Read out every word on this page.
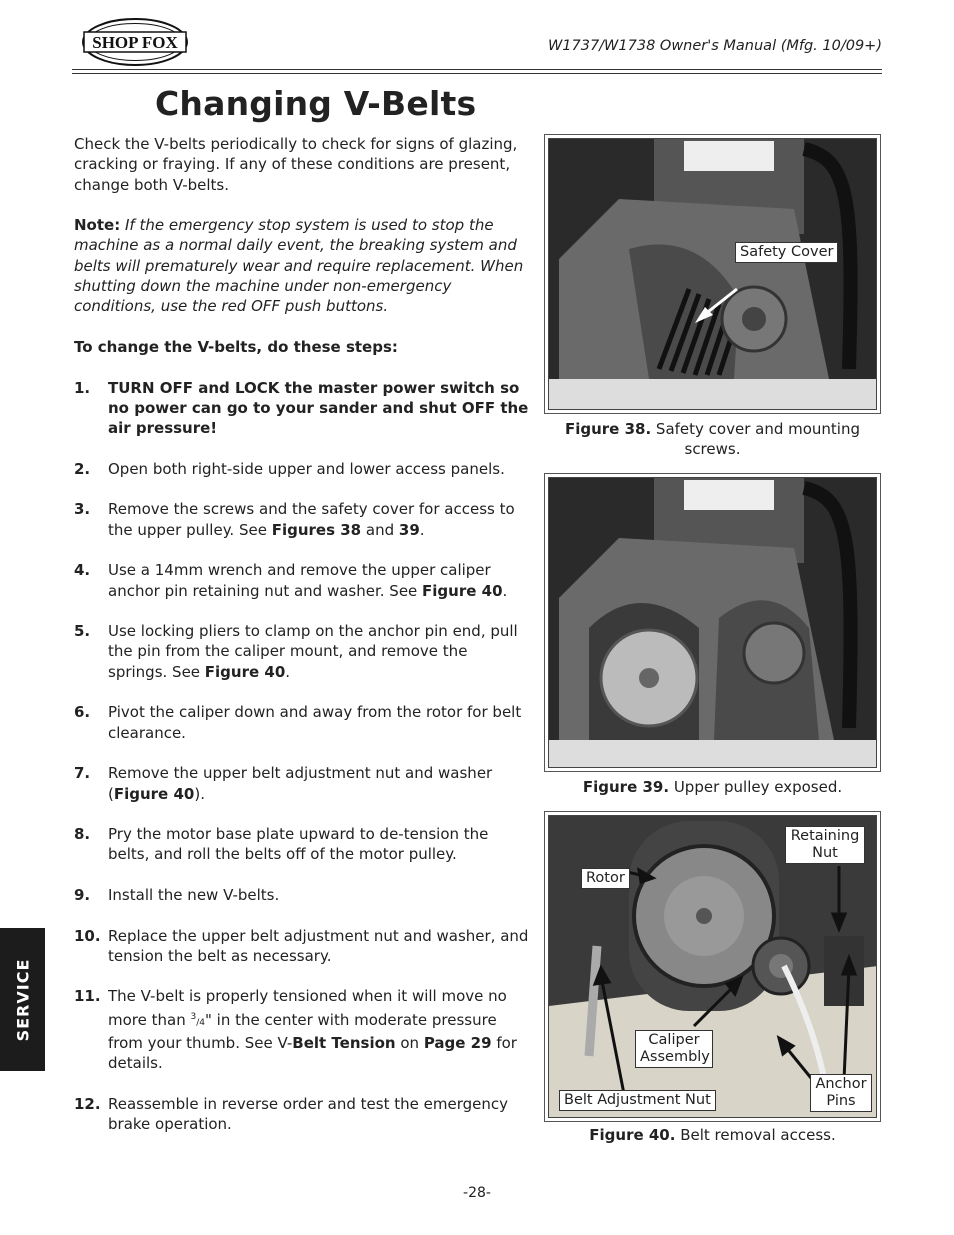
SHOP FOX	W1737/W1738 Owner's Manual (Mfg. 10/09+)
Changing V-Belts

Check the V-belts periodically to check for signs of glazing, cracking or fraying. If any of these conditions are present, change both V-belts.

Note: If the emergency stop system is used to stop the machine as a normal daily event, the breaking system and belts will prematurely wear and require replacement. When shutting down the machine under non-emergency conditions, use the red OFF push buttons.

To change the V-belts, do these steps:

1.	TURN OFF and LOCK the master power switch so no power can go to your sander and shut OFF the air pressure!
2.	Open both right-side upper and lower access panels.
3.	Remove the screws and the safety cover for access to the upper pulley. See Figures 38 and 39.
4.	Use a 14mm wrench and remove the upper caliper anchor pin retaining nut and washer. See Figure 40.
5.	Use locking pliers to clamp on the anchor pin end, pull the pin from the caliper mount, and remove the springs. See Figure 40.
6.	Pivot the caliper down and away from the rotor for belt clearance.
7.	Remove the upper belt adjustment nut and washer (Figure 40).
8.	Pry the motor base plate upward to de-tension the belts, and roll the belts off of the motor pulley.
9.	Install the new V-belts.
10. Replace the upper belt adjustment nut and washer, and tension the belt as necessary.
11. The V-belt is properly tensioned when it will move no more than $^3$/4" in the center with moderate pressure from your thumb. See V-Belt Tension on Page 29 for details.
12. Reassemble in reverse order and test the emergency brake operation.
Safety Cover
Figure 38. Safety cover and mounting screws.
Figure 39. Upper pulley exposed.
Rotor
Retaining Nut
Caliper Assembly
Belt Adjustment Nut
Anchor Pins
Figure 40. Belt removal access.
SERVICE
-28-
